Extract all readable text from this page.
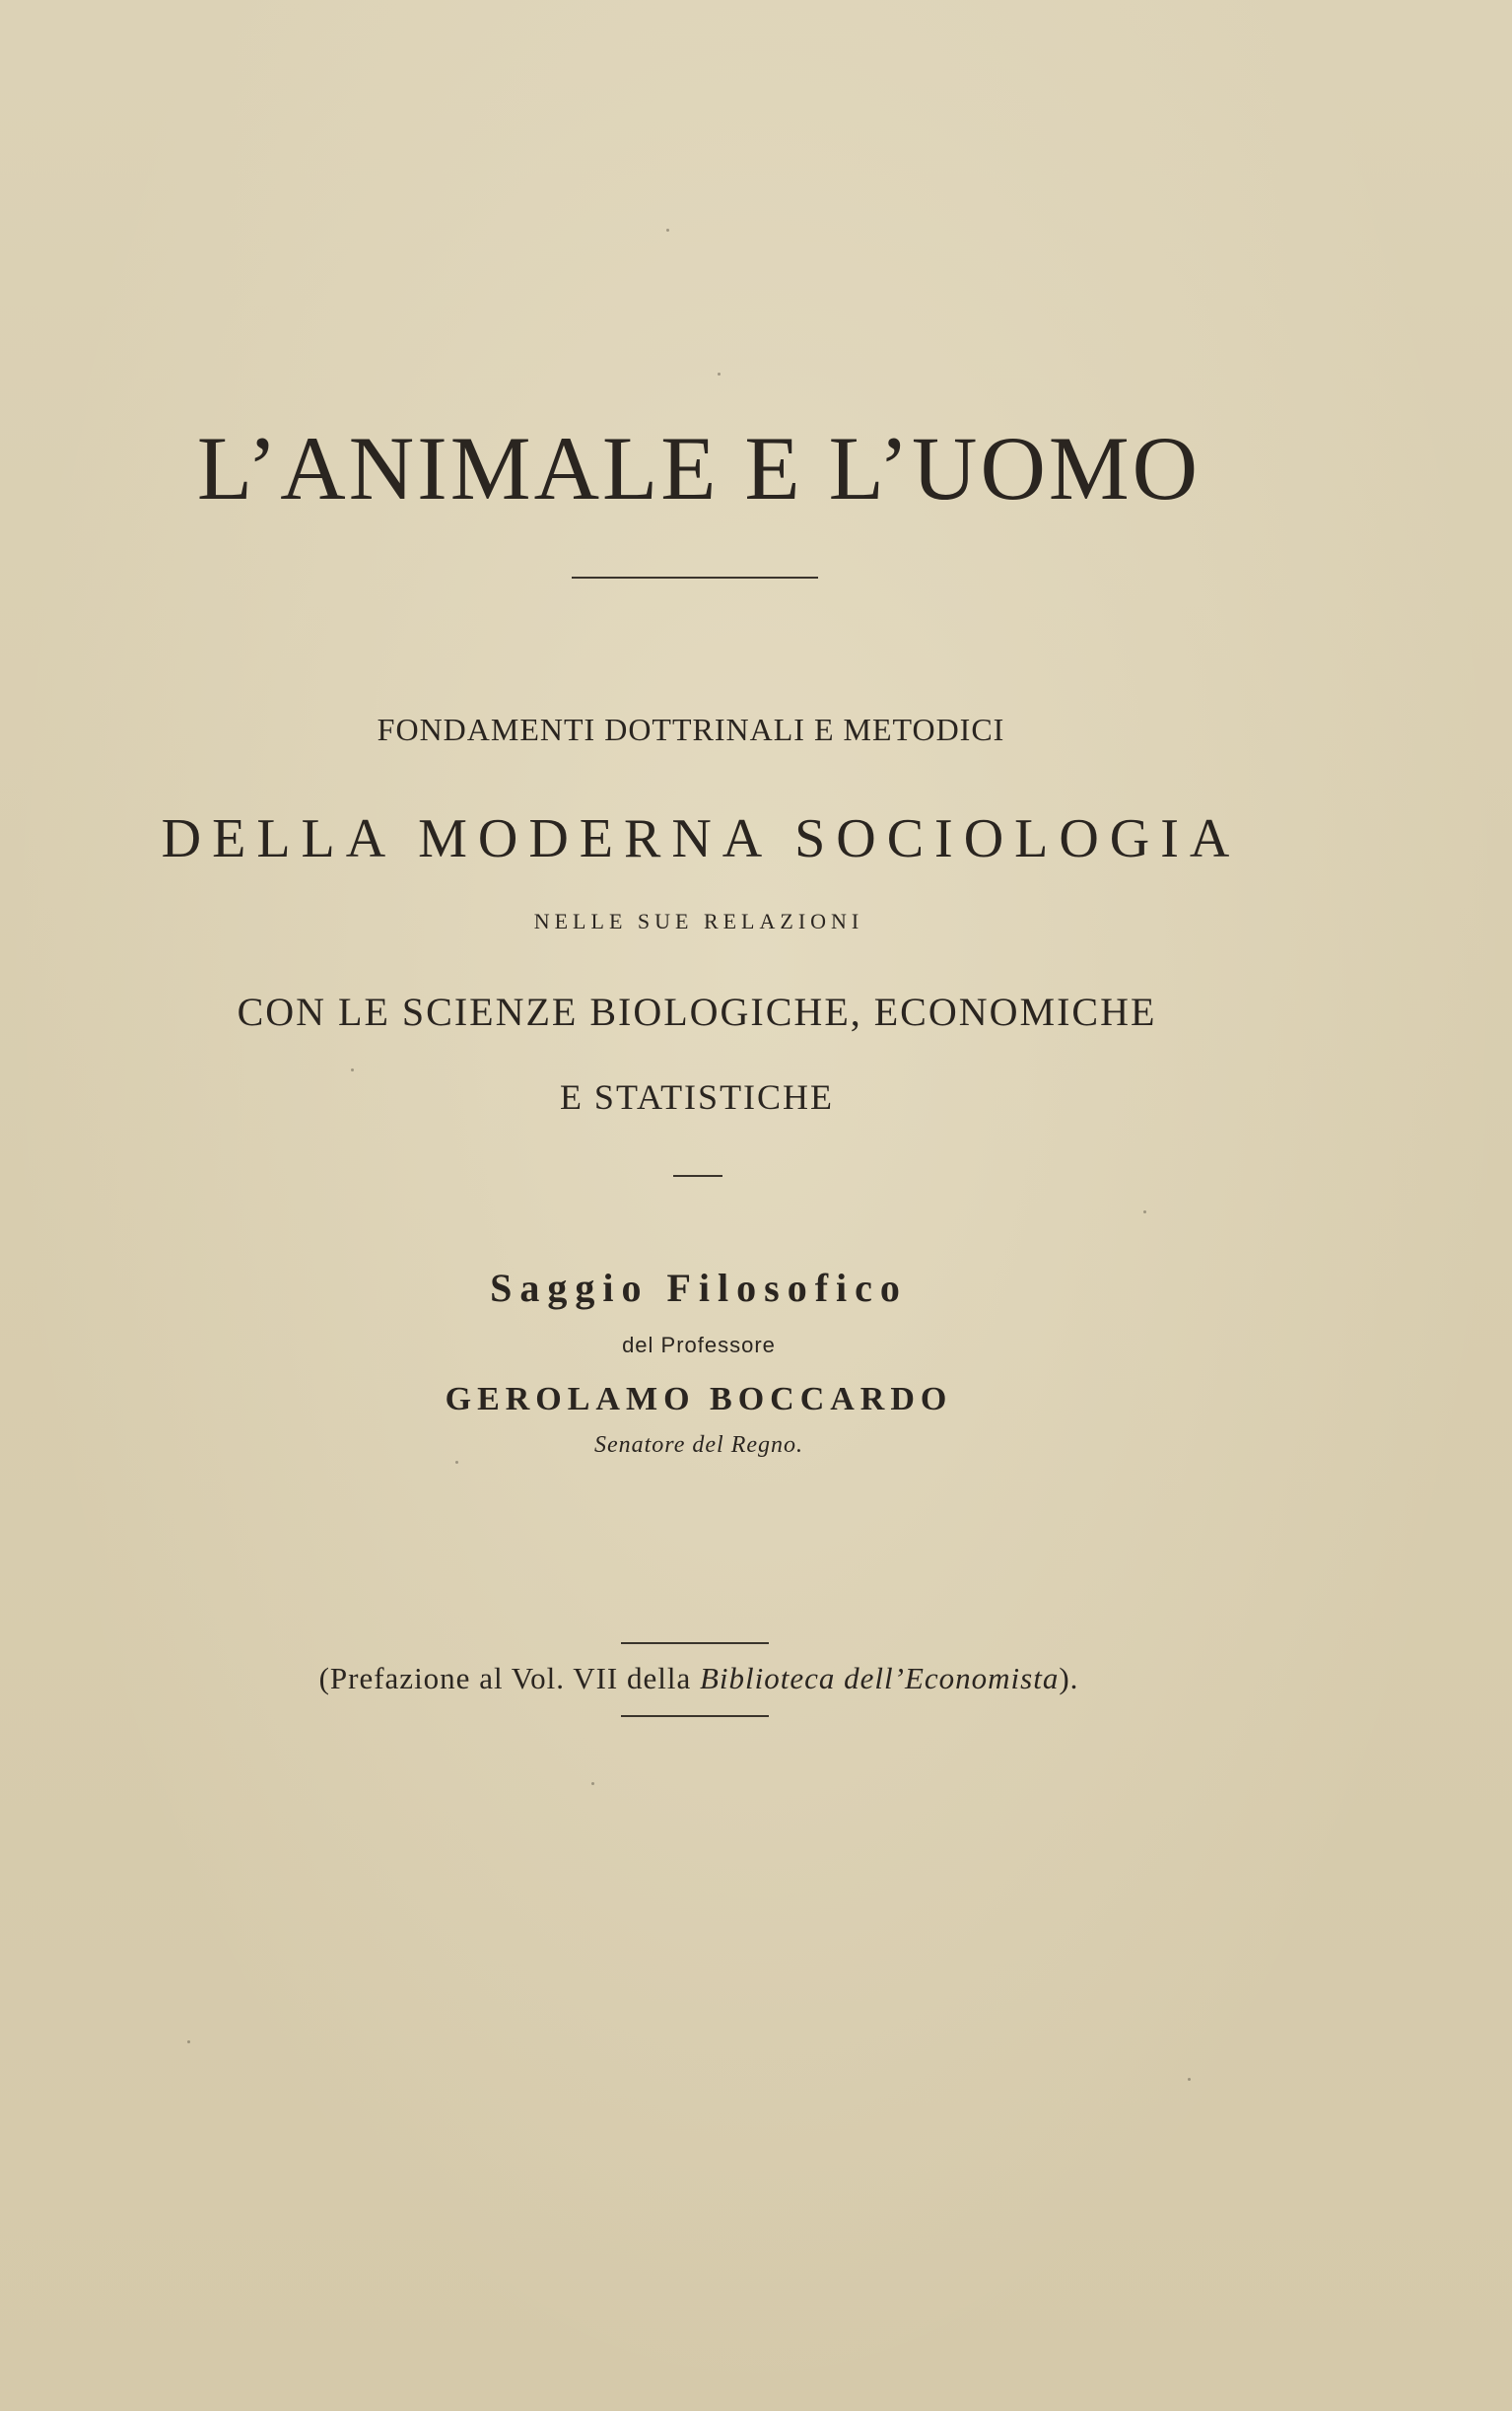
L’ANIMALE E L’UOMO
FONDAMENTI DOTTRINALI E METODICI
DELLA MODERNA SOCIOLOGIA
NELLE SUE RELAZIONI
CON LE SCIENZE BIOLOGICHE, ECONOMICHE
E STATISTICHE
Saggio Filosofico
del Professore
GEROLAMO BOCCARDO
Senatore del Regno.
(Prefazione al Vol. VII della Biblioteca dell’Economista).
